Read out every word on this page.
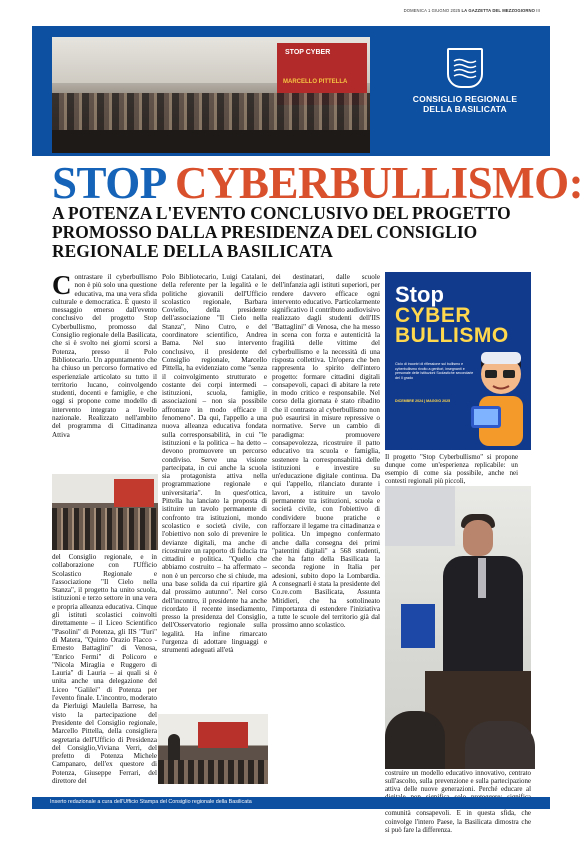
DOMENICA 1 GIUGNO 2025 LA GAZZETTA DEL MEZZOGIORNO III
STOP CYBER
MARCELLO PITTELLA
CONSIGLIO REGIONALE
DELLA BASILICATA
STOP CYBERBULLISMO:
A POTENZA L'EVENTO CONCLUSIVO DEL PROGETTO PROMOSSO DALLA PRESIDENZA DEL CONSIGLIO REGIONALE DELLA BASILICATA

Contrastare il cyberbullismo non è più solo una questione educativa, ma una vera sfida culturale e democratica. È questo il messaggio emerso dall'evento conclusivo del progetto Stop Cyberbullismo, promosso dal Consiglio regionale della Basilicata, che si è svolto nei giorni scorsi a Potenza, presso il Polo Bibliotecario. Un appuntamento che ha chiuso un percorso formativo ed esperienziale articolato su tutto il territorio lucano, coinvolgendo studenti, docenti e famiglie, e che oggi si propone come modello di intervento integrato a livello nazionale. Realizzato nell'ambito del programma di Cittadinanza Attiva

del Consiglio regionale, e in collaborazione con l'Ufficio Scolastico Regionale e l'associazione "Il Cielo nella Stanza", il progetto ha unito scuola, istituzioni e terzo settore in una vera e propria alleanza educativa. Cinque gli istituti scolastici coinvolti direttamente – il Liceo Scientifico "Pasolini" di Potenza, gli IIS "Turi" di Matera, "Quinto Orazio Flacco - Ernesto Battaglini" di Venosa, "Enrico Fermi" di Policoro e "Nicola Miraglia e Ruggero di Lauria" di Lauria – ai quali si è unita anche una delegazione del Liceo "Galilei" di Potenza per l'evento finale. L'incontro, moderato da Pierluigi Maulella Barrese, ha visto la partecipazione del Presidente del Consiglio regionale, Marcello Pittella, della consigliera segretaria dell'Ufficio di Presidenza del Consiglio,Viviana Verri, del prefetto di Potenza Michele Campanaro, dell'ex questore di Potenza, Giuseppe Ferrari, del direttore del

Polo Bibliotecario, Luigi Catalani, della referente per la legalità e le politiche giovanili dell'Ufficio scolastico regionale, Barbara Coviello, della presidente dell'associazione "Il Cielo nella Stanza", Nino Cutro, e del coordinatore scientifico, Andrea Bama. Nel suo intervento conclusivo, il presidente del Consiglio regionale, Marcello Pittella, ha evidenziato come "senza il coinvolgimento strutturato e costante dei corpi intermedi – istituzioni, scuola, famiglie, associazioni – non sia possibile affrontare in modo efficace il fenomeno". Da qui, l'appello a una nuova alleanza educativa fondata sulla corresponsabilità, in cui "le istituzioni e la politica – ha detto – devono promuovere un percorso condiviso. Serve una visione partecipata, in cui anche la scuola sia protagonista attiva nella programmazione regionale e universitaria". In quest'ottica, Pittella ha lanciato la proposta di istituire un tavolo permanente di confronto tra istituzioni, mondo scolastico e società civile, con l'obiettivo non solo di prevenire le devianze digitali, ma anche di ricostruire un rapporto di fiducia tra cittadini e politica. "Quello che abbiamo costruito – ha affermato – non è un percorso che si chiude, ma una base solida da cui ripartire già dal prossimo autunno". Nel corso dell'incontro, il presidente ha anche ricordato il recente insediamento, presso la presidenza del Consiglio, dell'Osservatorio regionale sulla legalità. Ha infine rimarcato l'urgenza di adottare linguaggi e strumenti adeguati all'età

dei destinatari, dalle scuole dell'infanzia agli istituti superiori, per rendere davvero efficace ogni intervento educativo. Particolarmente significativo il contributo audiovisivo realizzato dagli studenti dell'IIS "Battaglini" di Venosa, che ha messo in scena con forza e autenticità la fragilità delle vittime del cyberbullismo e la necessità di una risposta collettiva. Un'opera che ben rappresenta lo spirito dell'intero progetto: formare cittadini digitali consapevoli, capaci di abitare la rete in modo critico e responsabile. Nel corso della giornata è stato ribadito che il contrasto al cyberbullismo non può esaurirsi in misure repressive o normative. Serve un cambio di paradigma: promuovere consapevolezza, ricostruire il patto educativo tra scuola e famiglia, sostenere la corresponsabilità delle istituzioni e investire su un'educazione digitale continua. Da qui l'appello, rilanciato durante i lavori, a istituire un tavolo permanente tra istituzioni, scuola e società civile, con l'obiettivo di condividere buone pratiche e rafforzare il legame tra cittadinanza e politica. Un impegno confermato anche dalla consegna dei primi "patentini digitali" a 568 studenti, che ha fatto della Basilicata la seconda regione in Italia per adesioni, subito dopo la Lombardia. A consegnarli è stata la presidente del Co.re.com Basilicata, Assunta Mitidieri, che ha sottolineato l'importanza di estendere l'iniziativa a tutte le scuole del territorio già dal prossimo anno scolastico.

Stop
CYBER
BULLISMO
Ciclo di incontri di riflessione sul bullismo e cyberbullismo rivolto a genitori, insegnanti e personale delle Istituzioni Scolastiche secondarie del II grado
DICEMBRE 2024 | MAGGIO 2025

Il progetto "Stop Cyberbullismo" si propone dunque come un'esperienza replicabile: un esempio di come sia possibile, anche nei contesti regionali più piccoli,

costruire un modello educativo innovativo, centrato sull'ascolto, sulla prevenzione e sulla partecipazione attiva delle nuove generazioni. Perché educare al comunità consapevoli. E in questa sfida, che coinvolge l'intero Paese, la Basilicata dimostra che si può fare la differenza.

Inserto redazionale a cura dell'Ufficio Stampa del Consiglio regionale della Basilicata
